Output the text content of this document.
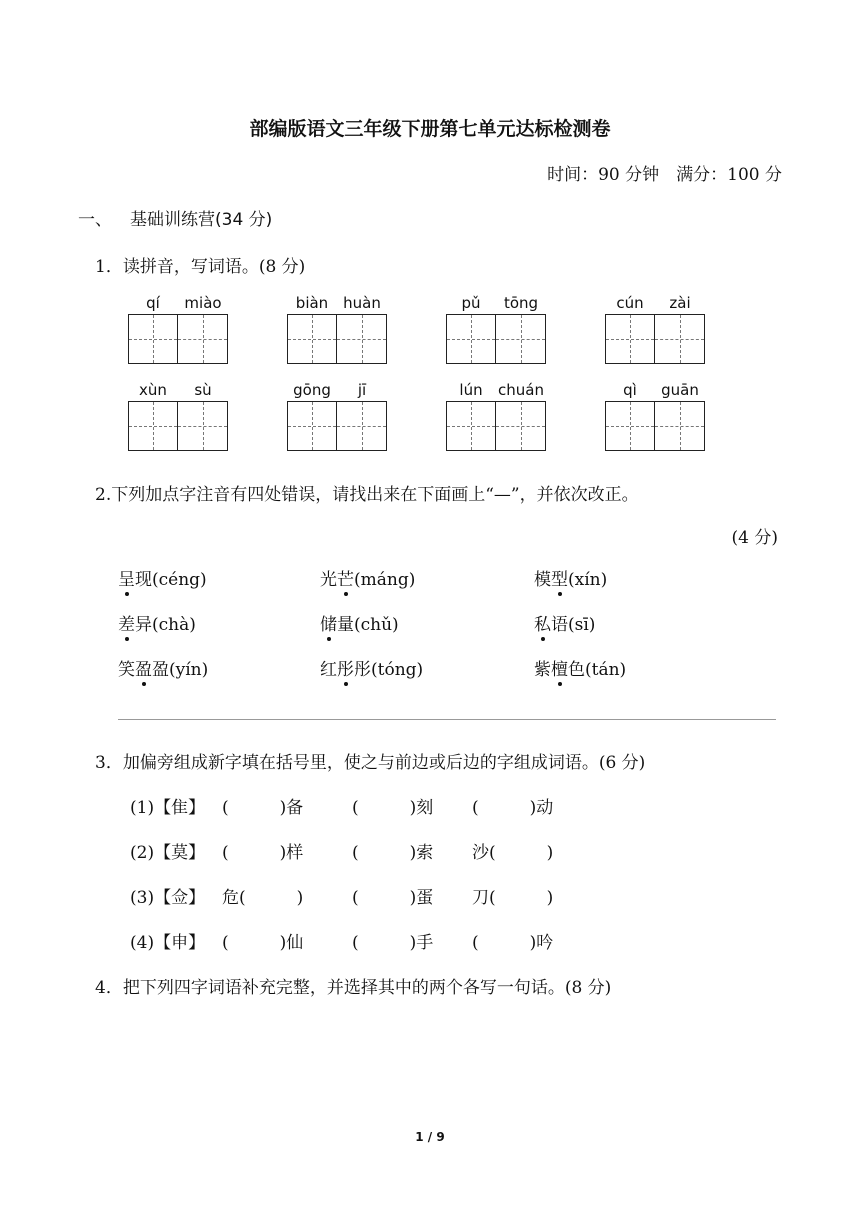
部编版语文三年级下册第七单元达标检测卷
时间：90 分钟　满分：100 分
一、 基础训练营(34 分)
1．读拼音，写词语。(8 分)
qí	miào	biàn huàn	pǔ	tōng	cún	zài
xùn	sù	gōng	jī	lún	chuán	qì	guān
2.下列加点字注音有四处错误，请找出来在下面画上“—”，并依次改正。
(4 分)
呈现(céng)	光芒(máng)	模型(xín)
差异(chà)	储量(chǔ)	私语(sī)
笑盈盈(yín)	红彤彤(tóng)	紫檀色(tán)
3．加偏旁组成新字填在括号里，使之与前边或后边的字组成词语。(6 分)
(1)【隹】 (　　　)备	(　　　)刻 (　　　)动
(2)【莫】 (　　　)样	(　　　)索 沙(　　　)
(3)【佥】 危(　　　)	(　　　)蛋 刀(　　　)
(4)【申】 (　　　)仙	(　　　)手 (　　　)吟
4．把下列四字词语补充完整，并选择其中的两个各写一句话。(8 分)
1 / 9
